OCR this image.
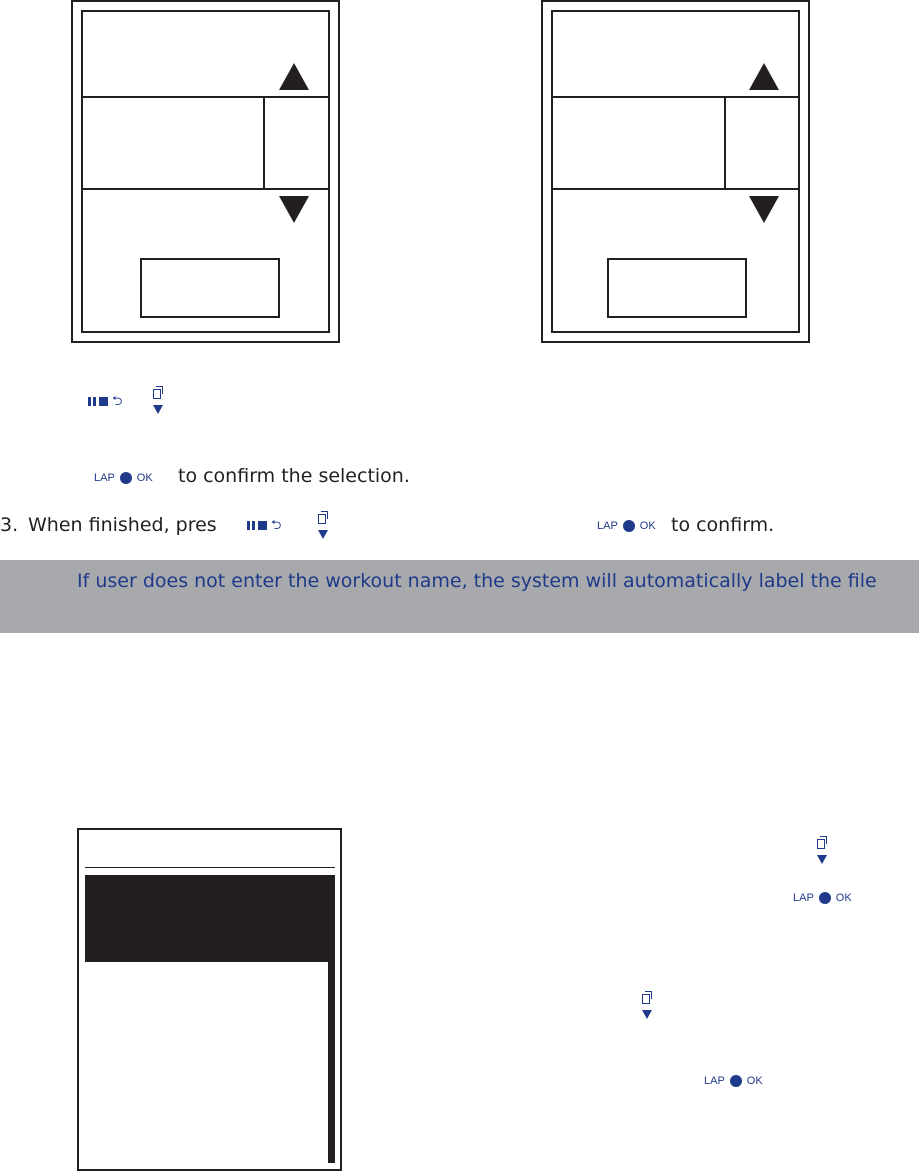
⮌
LAP OK to confirm the selection.
3. When finished, pres	⮌	LAP OK to confirm.
If user does not enter the workout name, the system will automatically label the file
LAP OK
LAP OK
